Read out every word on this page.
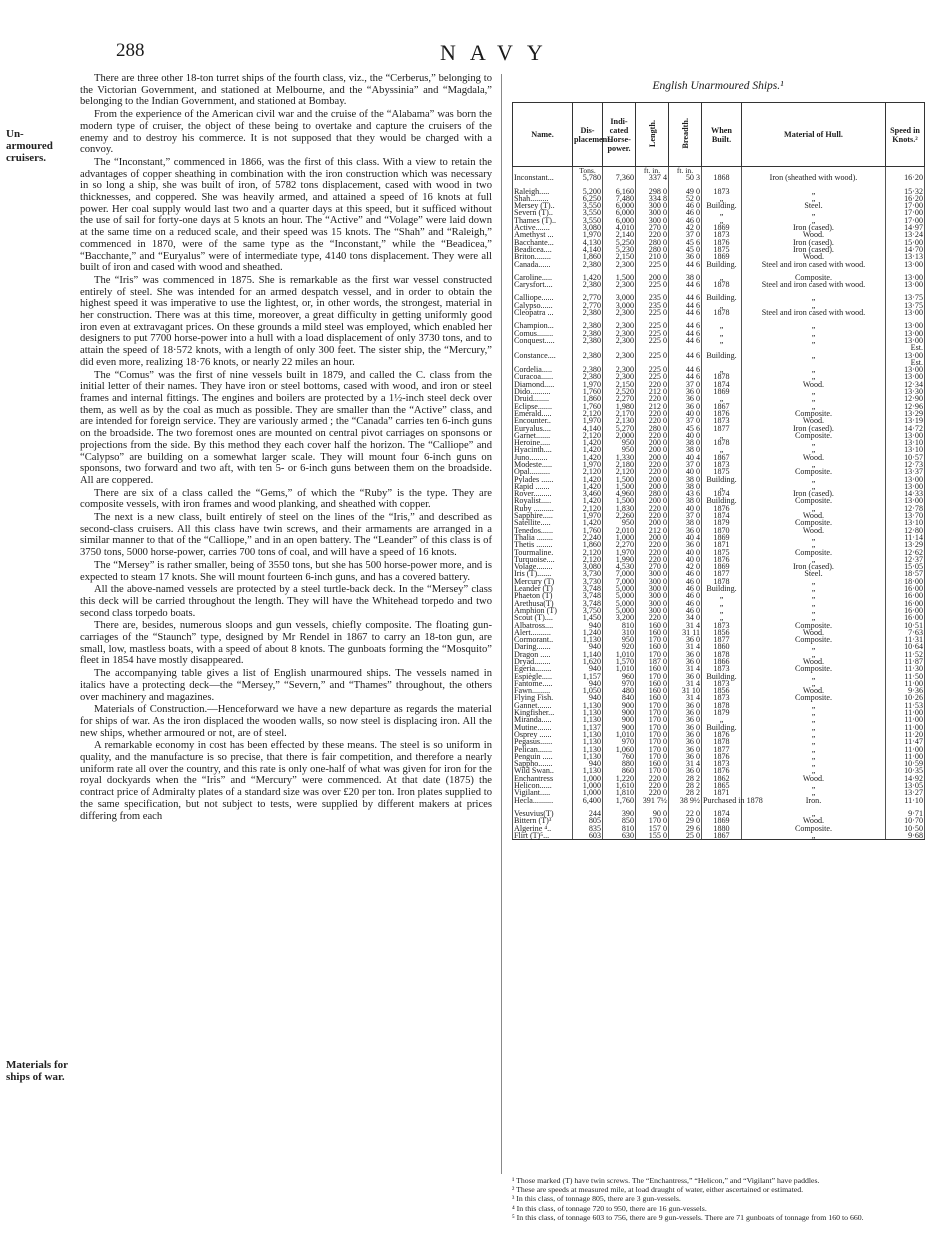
288	NAVY
Un-armoured cruisers.
Materials for ships of war.

There are three other 18-ton turret ships of the fourth class, viz., the “Cerberus,” belonging to the Victorian Government, and stationed at Melbourne, and the “Abyssinia” and “Magdala,” belonging to the Indian Government, and stationed at Bombay.

From the experience of the American civil war and the cruise of the “Alabama” was born the modern type of cruiser, the object of these being to overtake and capture the cruisers of the enemy and to destroy his commerce. It is not supposed that they would be charged with a convoy.

The “Inconstant,” commenced in 1866, was the first of this class. With a view to retain the advantages of copper sheathing in combination with the iron construction which was necessary in so long a ship, she was built of iron, of 5782 tons displacement, cased with wood in two thicknesses, and coppered. She was heavily armed, and attained a speed of 16 knots at full power. Her coal supply would last two and a quarter days at this speed, but it sufficed without the use of sail for forty-one days at 5 knots an hour. The “Active” and “Volage” were laid down at the same time on a reduced scale, and their speed was 15 knots. The “Shah” and “Raleigh,” commenced in 1870, were of the same type as the “Inconstant,” while the “Beadicea,” “Bacchante,” and “Euryalus” were of intermediate type, 4140 tons displacement. They were all built of iron and cased with wood and sheathed.

The “Iris” was commenced in 1875. She is remarkable as the first war vessel constructed entirely of steel. She was intended for an armed despatch vessel, and in order to obtain the highest speed it was imperative to use the lightest, or, in other words, the strongest, material in her construction. There was at this time, moreover, a great difficulty in getting uniformly good iron even at extravagant prices. On these grounds a mild steel was employed, which enabled her designers to put 7700 horse-power into a hull with a load displacement of only 3730 tons, and to attain the speed of 18·572 knots, with a length of only 300 feet. The sister ship, the “Mercury,” did even more, realizing 18·76 knots, or nearly 22 miles an hour.

The “Comus” was the first of nine vessels built in 1879, and called the C. class from the initial letter of their names. They have iron or steel bottoms, cased with wood, and iron or steel frames and internal fittings. The engines and boilers are protected by a 1½-inch steel deck over them, as well as by the coal as much as possible. They are smaller than the “Active” class, and are intended for foreign service. They are variously armed ; the “Canada” carries ten 6-inch guns on the broadside. The two foremost ones are mounted on central pivot carriages on sponsons or projections from the side. By this method they each cover half the horizon. The “Calliope” and “Calypso” are building on a somewhat larger scale. They will mount four 6-inch guns on sponsons, two forward and two aft, with ten 5- or 6-inch guns between them on the broadside. All are coppered.

There are six of a class called the “Gems,” of which the “Ruby” is the type. They are composite vessels, with iron frames and wood planking, and sheathed with copper.

The next is a new class, built entirely of steel on the lines of the “Iris,” and described as second-class cruisers. All this class have twin screws, and their armaments are arranged in a similar manner to that of the “Calliope,” and in an open battery. The “Leander” of this class is of 3750 tons, 5000 horse-power, carries 700 tons of coal, and will have a speed of 16 knots.

The “Mersey” is rather smaller, being of 3550 tons, but she has 500 horse-power more, and is expected to steam 17 knots. She will mount fourteen 6-inch guns, and has a covered battery.

All the above-named vessels are protected by a steel turtle-back deck. In the “Mersey” class this deck will be carried throughout the length. They will have the Whitehead torpedo and two second class torpedo boats.

There are, besides, numerous sloops and gun vessels, chiefly composite. The floating gun-carriages of the “Staunch” type, designed by Mr Rendel in 1867 to carry an 18-ton gun, are small, low, mastless boats, with a speed of about 8 knots. The gunboats forming the “Mosquito” fleet in 1854 have mostly disappeared.

The accompanying table gives a list of English unarmoured ships. The vessels named in italics have a protecting deck—the “Mersey,” “Severn,” and “Thames” throughout, the others over machinery and magazines.

Materials of Construction.—Henceforward we have a new departure as regards the material for ships of war. As the iron displaced the wooden walls, so now steel is displacing iron. All the new ships, whether armoured or not, are of steel.

A remarkable economy in cost has been effected by these means. The steel is so uniform in quality, and the manufacture is so precise, that there is fair competition, and therefore a nearly uniform rate all over the country, and this rate is only one-half of what was given for iron for the royal dockyards when the “Iris” and “Mercury” were commenced. At that date (1875) the contract price of Admiralty plates of a standard size was over £20 per ton. Iron plates supplied to the same specification, but not subject to tests, were supplied by different makers at prices differing from each

English Unarmoured Ships.¹
Name.	Dis-placement.	Indi-cated Horse-power.	Length.	Breadth.	When Built.	Material of Hull.	Speed in Knots.²
	Tons.		ft. in.	ft. in.			
Inconstant...	5,780	7,360	337 4	50 3	1868	Iron (sheathed with wood).	16·20

Raleigh.....	5,200	6,160	298 0	49 0	1873	„	15·32
Shah.........	6,250	7,480	334 8	52 0	„	„	16·20
Mersey (T)..	3,550	6,000	300 0	46 0	Building.	Steel.	17·00
Severn (T)..	3,550	6,000	300 0	46 0	„	„	17·00
Thames (T)..	3,550	6,000	300 0	46 0	„	„	17·00
Active.......	3,080	4,010	270 0	42 0	1869	Iron (cased).	14·97
Amethyst ...	1,970	2,140	220 0	37 0	1873	Wood.	13·24
Bacchante...	4,130	5,250	280 0	45 6	1876	Iron (cased).	15·00
Beadicea....	4,140	5,230	280 0	45 0	1875	Iron (cased).	14·70
Briton........	1,860	2,150	210 0	36 0	1869	Wood.	13·13
Canada......	2,380	2,300	225 0	44 6	Building.	Steel and iron cased with wood.	13·00

Caroline.....	1,420	1,500	200 0	38 0	„	Composite.	13·00
Carysfort....	2,380	2,300	225 0	44 6	1878	Steel and iron cased with wood.	13·00

Calliope......	2,770	3,000	235 0	44 6	Building.	„	13·75
Calypso......	2,770	3,000	235 0	44 6	„	„	13·75
Cleopatra ...	2,380	2,300	225 0	44 6	1878	Steel and iron cased with wood.	13·00

Champion...	2,380	2,300	225 0	44 6	„	„	13·00
Comus........	2,380	2,300	225 0	44 6	„	„	13·00
Conquest.....	2,380	2,300	225 0	44 6	„	„	13·00
							Est.
Constance....	2,380	2,300	225 0	44 6	Building.	„	13·00
							Est.
Cordelia.....	2,380	2,300	225 0	44 6	„	„	13·00
Curacoa......	2,380	2,300	225 0	44 6	1878	„	13·00
Diamond.....	1,970	2,150	220 0	37 0	1874	Wood.	12·34
Dido..........	1,760	2,520	212 0	36 0	1869	„	13·30
Druid........	1,860	2,270	220 0	36 0	„	„	12·90
Eclipse.......	1,760	1,980	212 0	36 0	1867	„	12·96
Emerald.....	2,120	2,170	220 0	40 0	1876	Composite.	13·29
Encounter..	1,970	2,130	220 0	37 0	1873	Wood.	13·19
Euryalus....	4,140	5,270	280 0	45 6	1877	Iron (cased).	14·72
Garnet.......	2,120	2,000	220 0	40 0	„	Composite.	13·00
Heroine.....	1,420	950	200 0	38 0	1878	„	13·10
Hyacinth....	1,420	950	200 0	38 0	„	„	13·10
Juno.........	1,420	1,330	200 0	40 4	1867	Wood.	10·57
Modeste.....	1,970	2,180	220 0	37 0	1873	„	12·73
Opal..........	2,120	2,120	220 0	40 0	1875	Composite.	13·37
Pylades ......	1,420	1,500	200 0	38 0	Building.	„	13·00
Rapid .......	1,420	1,500	200 0	38 0	„	„	13·00
Rover.........	3,460	4,960	280 0	43 6	1874	Iron (cased).	14·33
Royalist.....	1,420	1,500	200 0	38 0	Building.	Composite.	13·00
Ruby ..........	2,120	1,830	220 0	40 0	1876	„	12·78
Sapphire.....	1,970	2,260	220 0	37 0	1874	Wood.	13·70
Satellite.....	1,420	950	200 0	38 0	1879	Composite.	13·10
Tenedos......	1,760	2,010	212 0	36 0	1870	Wood.	12·80
Thalia ........	2,240	1,000	200 0	40 4	1869	„	11·14
Thetis ........	1,860	2,270	220 0	36 0	1871	„	13·29
Tourmaline.	2,120	1,970	220 0	40 0	1875	Composite.	12·62
Turquoise....	2,120	1,990	220 0	40 0	1876	„	12·37
Volage........	3,080	4,530	270 0	42 0	1869	Iron (cased).	15·05
Iris (T).......	3,730	7,000	300 0	46 0	1877	Steel.	18·57
Mercury (T)	3,730	7,000	300 0	46 0	1878	„	18·00
Leander (T)	3,748	5,000	300 0	46 0	Building.	„	16·00
Phaeton (T)	3,748	5,000	300 0	46 0	„	„	16·00
Arethusa(T)	3,748	5,000	300 0	46 0	„	„	16·00
Amphion (T)	3,750	5,000	300 0	46 0	„	„	16·00
Scout (T)....	1,450	3,200	220 0	34 0	„	„	16·00
Albatross....	940	810	160 0	31 4	1873	Composite.	10·51
Alert..........	1,240	310	160 0	31 11	1856	Wood.	7·63
Cormorant..	1,130	950	170 0	36 0	1877	Composite.	11·31
Daring.......	940	920	160 0	31 4	1860	„	10·64
Dragon .....	1,140	1,010	170 0	36 0	1878	„	11·52
Dryad........	1,620	1,570	187 0	36 0	1866	Wood.	11·87
Egeria........	940	1,010	160 0	31 4	1873	Composite.	11·30
Espiègle.....	1,157	960	170 0	36 0	Building.	„	11·50
Fantome.....	940	970	160 0	31 4	1873	„	11·00
Fawn.........	1,050	480	160 0	31 10	1856	Wood.	9·36
Flying Fish.	940	840	160 0	31 4	1873	Composite.	10·26
Gannet.......	1,130	900	170 0	36 0	1878	„	11·53
Kingfisher...	1,130	900	170 0	36 0	1879	„	11·00
Miranda.....	1,130	900	170 0	36 0	„	„	11·00
Mutine.......	1,137	900	170 0	36 0	Building.	„	11·00
Osprey ......	1,130	1,010	170 0	36 0	1876	„	11·20
Pegasus......	1,130	970	170 0	36 0	1878	„	11·47
Pelican.......	1,130	1,060	170 0	36 0	1877	„	11·00
Penguin .....	1,130	760	170 0	36 0	1876	„	11·00
Sappho.......	940	880	160 0	31 4	1873	„	10·59
Wild Swan..	1,130	860	170 0	36 0	1876	„	10·35
Enchantress	1,000	1,220	220 0	28 2	1862	Wood.	14·92
Helicon......	1,000	1,610	220 0	28 2	1865	„	13·05
Vigilant.....	1,000	1,810	220 0	28 2	1871	„	13·27
Hecla..........	6,400	1,760	391 7½	38 9½	Purchased in 1878	Iron.	11·10

Vesuvius(T)	244	390	90 0	22 0	1874	„	9·71
Bittern (T)³	805	850	170 0	29 0	1869	Wood.	10·70
Algerine ⁴..	835	810	157 0	29 6	1880	Composite.	10·50
Flirt (T)⁵...	603	630	155 0	25 0	1867	„	9·68
¹ Those marked (T) have twin screws. The “Enchantress,” “Helicon,” and “Vigilant” have paddles.
² These are speeds at measured mile, at load draught of water, either ascertained or estimated.
³ In this class, of tonnage 805, there are 3 gun-vessels.
⁴ In this class, of tonnage 720 to 950, there are 16 gun-vessels.
⁵ In this class, of tonnage 603 to 756, there are 9 gun-vessels. There are 71 gunboats of tonnage from 160 to 660.
